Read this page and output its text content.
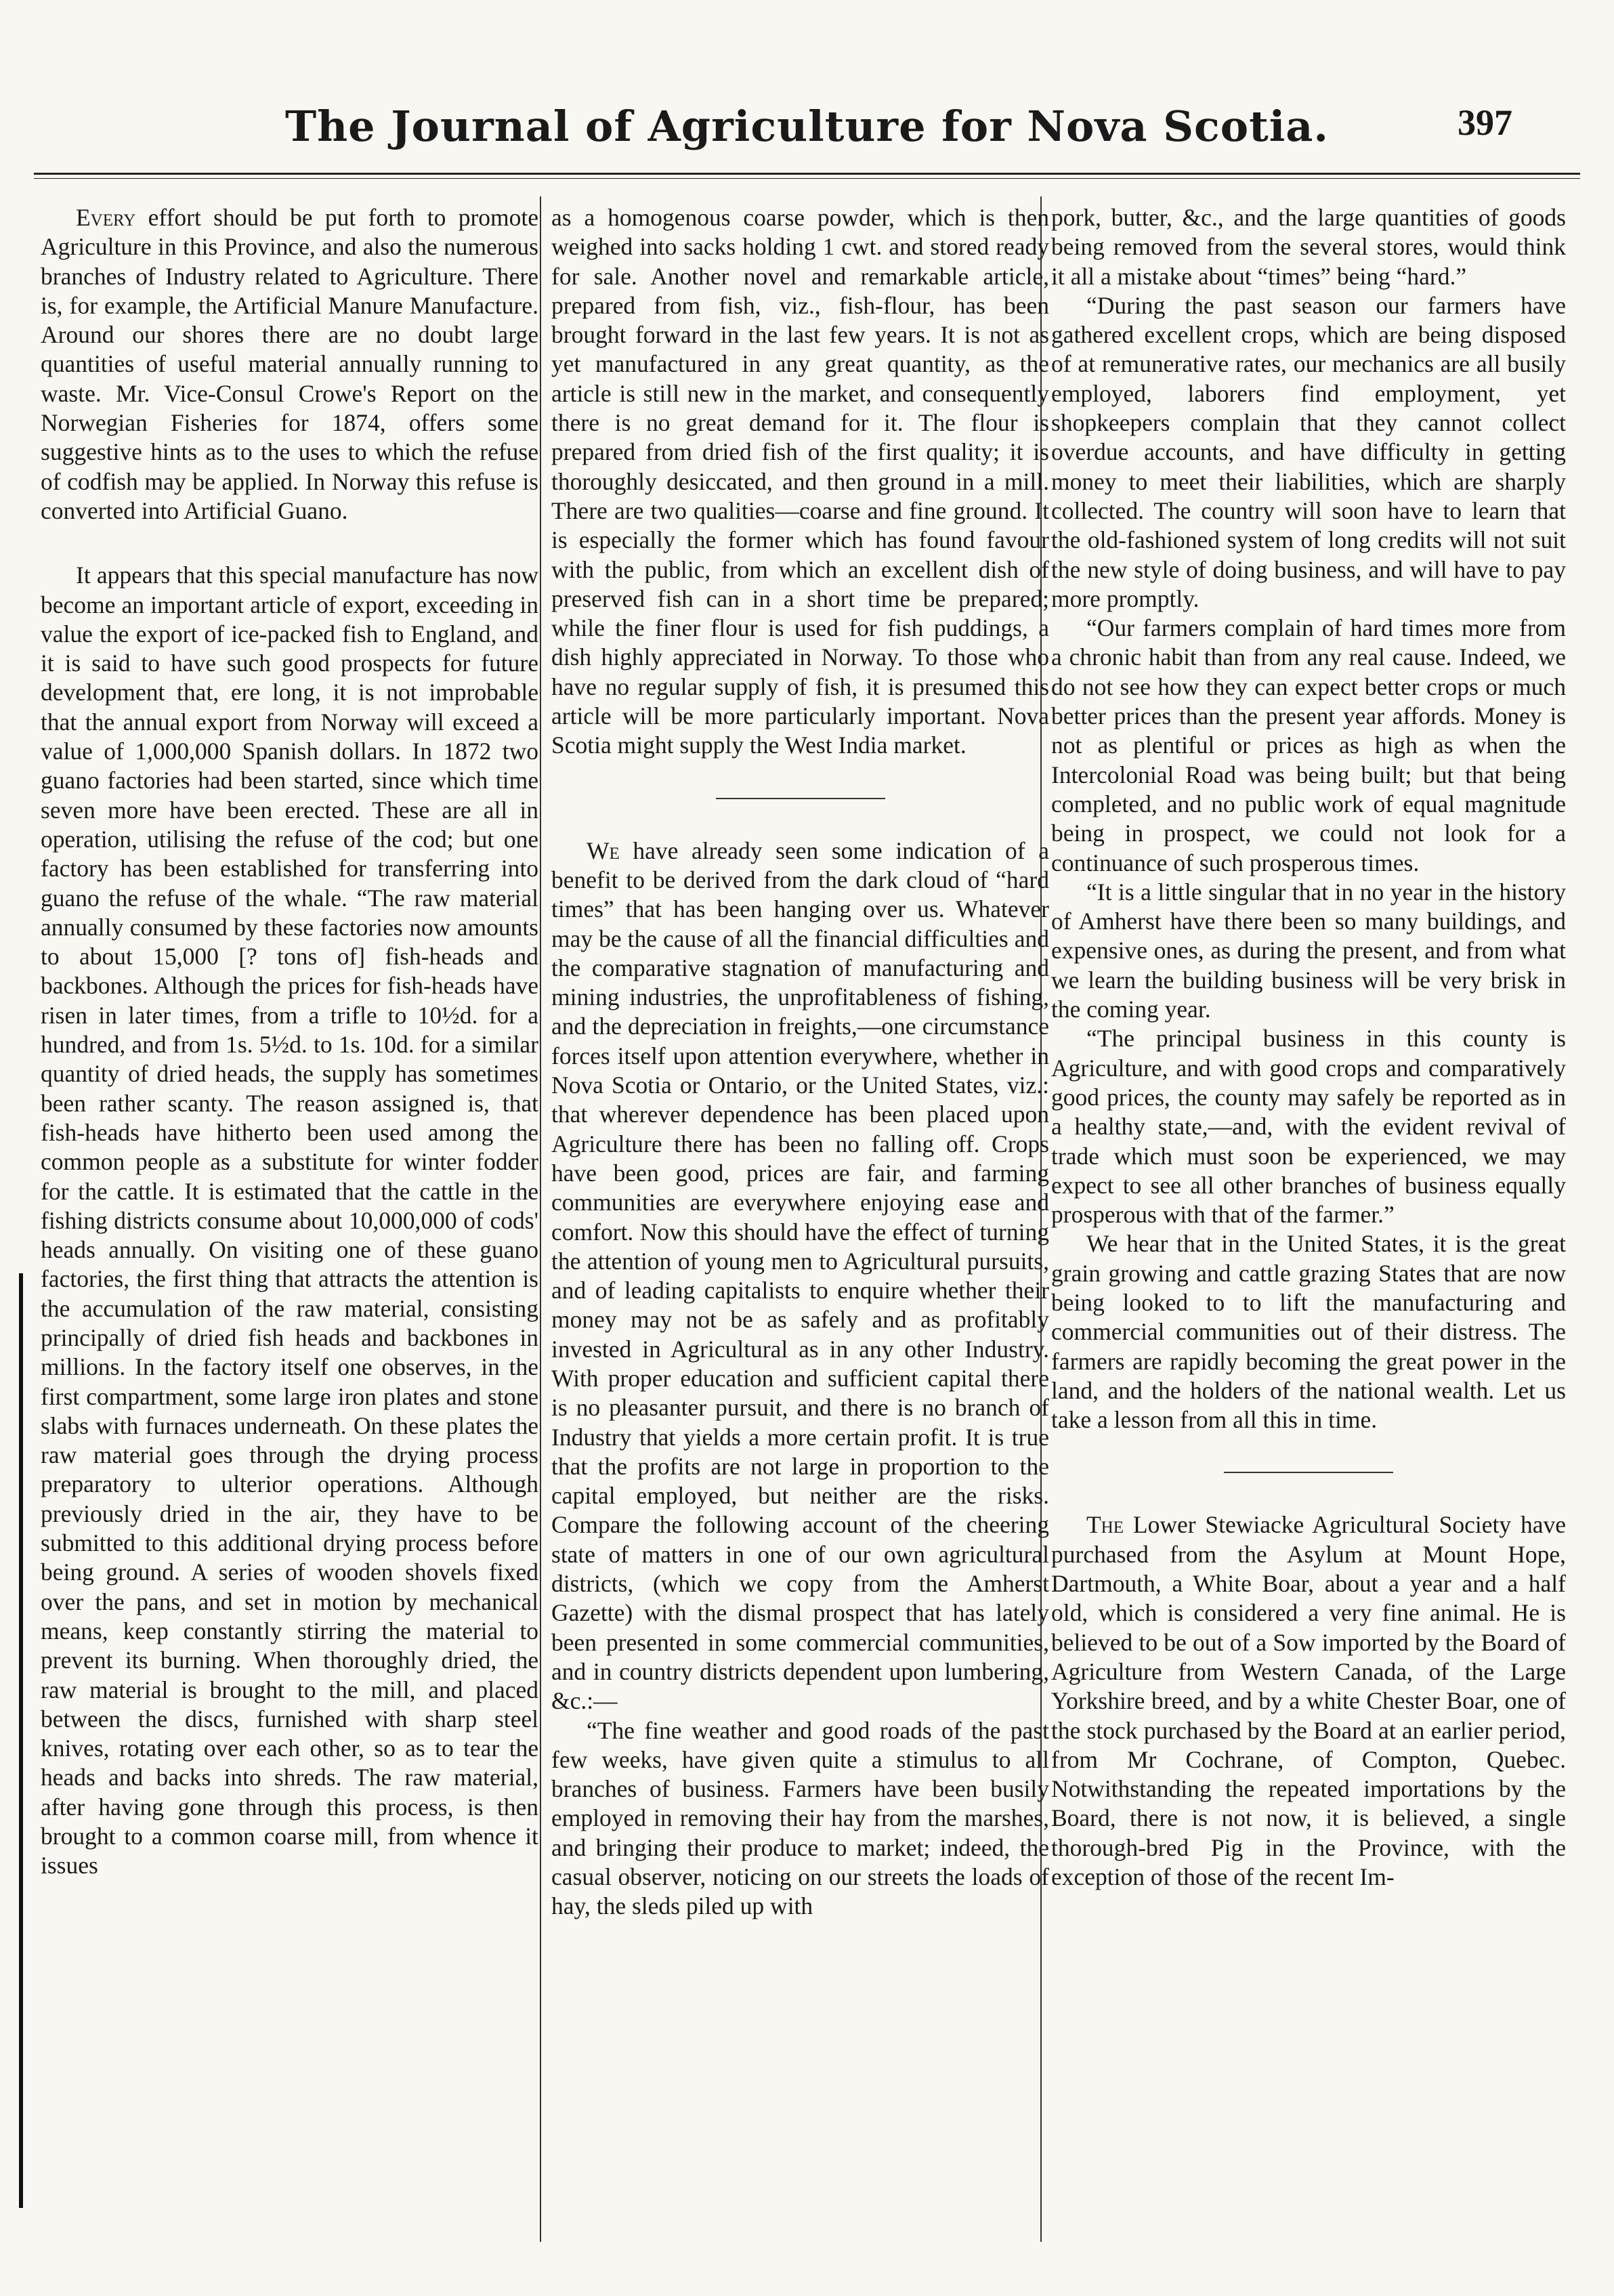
The Journal of Agriculture for Nova Scotia.	397

Every effort should be put forth to promote Agriculture in this Province, and also the numerous branches of Industry related to Agriculture. There is, for example, the Artificial Manure Manufacture. Around our shores there are no doubt large quantities of useful material annually running to waste. Mr. Vice-Consul Crowe's Report on the Norwegian Fisheries for 1874, offers some suggestive hints as to the uses to which the refuse of codfish may be applied. In Norway this refuse is converted into Artificial Guano.

It appears that this special manufacture has now become an important article of export, exceeding in value the export of ice-packed fish to England, and it is said to have such good prospects for future development that, ere long, it is not improbable that the annual export from Norway will exceed a value of 1,000,000 Spanish dollars. In 1872 two guano factories had been started, since which time seven more have been erected. These are all in operation, utilising the refuse of the cod; but one factory has been established for transferring into guano the refuse of the whale. “The raw material annually consumed by these factories now amounts to about 15,000 [? tons of] fish-heads and backbones. Although the prices for fish-heads have risen in later times, from a trifle to 10½d. for a hundred, and from 1s. 5½d. to 1s. 10d. for a similar quantity of dried heads, the supply has sometimes been rather scanty. The reason assigned is, that fish-heads have hitherto been used among the common people as a substitute for winter fodder for the cattle. It is estimated that the cattle in the fishing districts consume about 10,000,000 of cods' heads annually. On visiting one of these guano factories, the first thing that attracts the attention is the accumulation of the raw material, consisting principally of dried fish heads and backbones in millions. In the factory itself one observes, in the first compartment, some large iron plates and stone slabs with furnaces underneath. On these plates the raw material goes through the drying process preparatory to ulterior operations. Although previously dried in the air, they have to be submitted to this additional drying process before being ground. A series of wooden shovels fixed over the pans, and set in motion by mechanical means, keep constantly stirring the material to prevent its burning. When thoroughly dried, the raw material is brought to the mill, and placed between the discs, furnished with sharp steel knives, rotating over each other, so as to tear the heads and backs into shreds. The raw material, after having gone through this process, is then brought to a common coarse mill, from whence it issues

as a homogenous coarse powder, which is then weighed into sacks holding 1 cwt. and stored ready for sale. Another novel and remarkable article, prepared from fish, viz., fish-flour, has been brought forward in the last few years. It is not as yet manufactured in any great quantity, as the article is still new in the market, and consequently there is no great demand for it. The flour is prepared from dried fish of the first quality; it is thoroughly desiccated, and then ground in a mill. There are two qualities—coarse and fine ground. It is especially the former which has found favour with the public, from which an excellent dish of preserved fish can in a short time be prepared; while the finer flour is used for fish puddings, a dish highly appreciated in Norway. To those who have no regular supply of fish, it is presumed this article will be more particularly important. Nova Scotia might supply the West India market.

We have already seen some indication of a benefit to be derived from the dark cloud of “hard times” that has been hanging over us. Whatever may be the cause of all the financial difficulties and the comparative stagnation of manufacturing and mining industries, the unprofitableness of fishing, and the depreciation in freights,—one circumstance forces itself upon attention everywhere, whether in Nova Scotia or Ontario, or the United States, viz.: that wherever dependence has been placed upon Agriculture there has been no falling off. Crops have been good, prices are fair, and farming communities are everywhere enjoying ease and comfort. Now this should have the effect of turning the attention of young men to Agricultural pursuits, and of leading capitalists to enquire whether their money may not be as safely and as profitably invested in Agricultural as in any other Industry. With proper education and sufficient capital there is no pleasanter pursuit, and there is no branch of Industry that yields a more certain profit. It is true that the profits are not large in proportion to the capital employed, but neither are the risks. Compare the following account of the cheering state of matters in one of our own agricultural districts, (which we copy from the Amherst Gazette) with the dismal prospect that has lately been presented in some commercial communities, and in country districts dependent upon lumbering, &c.:—

“The fine weather and good roads of the past few weeks, have given quite a stimulus to all branches of business. Farmers have been busily employed in removing their hay from the marshes, and bringing their produce to market; indeed, the casual observer, noticing on our streets the loads of hay, the sleds piled up with

pork, butter, &c., and the large quantities of goods being removed from the several stores, would think it all a mistake about “times” being “hard.”

“During the past season our farmers have gathered excellent crops, which are being disposed of at remunerative rates, our mechanics are all busily employed, laborers find employment, yet shopkeepers complain that they cannot collect overdue accounts, and have difficulty in getting money to meet their liabilities, which are sharply collected. The country will soon have to learn that the old-fashioned system of long credits will not suit the new style of doing business, and will have to pay more promptly.

“Our farmers complain of hard times more from a chronic habit than from any real cause. Indeed, we do not see how they can expect better crops or much better prices than the present year affords. Money is not as plentiful or prices as high as when the Intercolonial Road was being built; but that being completed, and no public work of equal magnitude being in prospect, we could not look for a continuance of such prosperous times.

“It is a little singular that in no year in the history of Amherst have there been so many buildings, and expensive ones, as during the present, and from what we learn the building business will be very brisk in the coming year.

“The principal business in this county is Agriculture, and with good crops and comparatively good prices, the county may safely be reported as in a healthy state,—and, with the evident revival of trade which must soon be experienced, we may expect to see all other branches of business equally prosperous with that of the farmer.”

We hear that in the United States, it is the great grain growing and cattle grazing States that are now being looked to to lift the manufacturing and commercial communities out of their distress. The farmers are rapidly becoming the great power in the land, and the holders of the national wealth. Let us take a lesson from all this in time.

The Lower Stewiacke Agricultural Society have purchased from the Asylum at Mount Hope, Dartmouth, a White Boar, about a year and a half old, which is considered a very fine animal. He is believed to be out of a Sow imported by the Board of Agriculture from Western Canada, of the Large Yorkshire breed, and by a white Chester Boar, one of the stock purchased by the Board at an earlier period, from Mr Cochrane, of Compton, Quebec. Notwithstanding the repeated importations by the Board, there is not now, it is believed, a single thorough-bred Pig in the Province, with the exception of those of the recent Im-
